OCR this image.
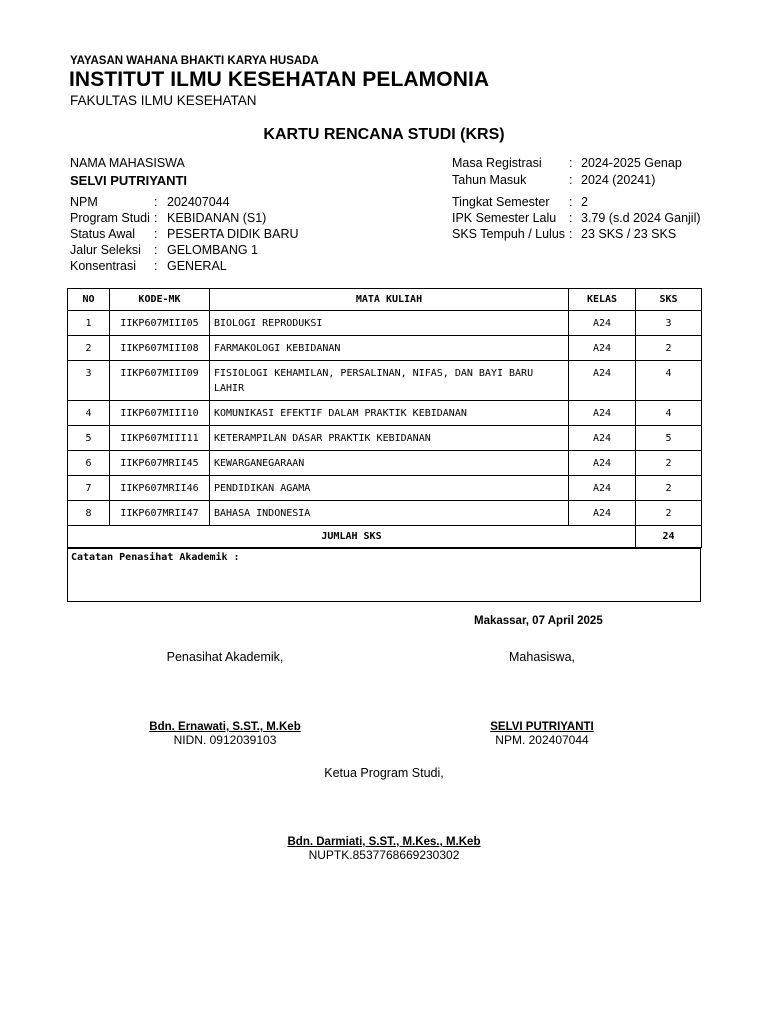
YAYASAN WAHANA BHAKTI KARYA HUSADA
INSTITUT ILMU KESEHATAN PELAMONIA
FAKULTAS ILMU KESEHATAN
KARTU RENCANA STUDI (KRS)
NAMA MAHASISWA
SELVI PUTRIYANTI
NPM	: 202407044
Program Studi : KEBIDANAN (S1)
Status Awal : PESERTA DIDIK BARU
Jalur Seleksi : GELOMBANG 1
Konsentrasi : GENERAL
Masa Registrasi : 2024-2025 Genap
Tahun Masuk	: 2024 (20241)
Tingkat Semester : 2
IPK Semester Lalu : 3.79 (s.d 2024 Ganjil)
SKS Tempuh / Lulus : 23 SKS / 23 SKS
NO	KODE-MK	MATA KULIAH	KELAS	SKS
1	IIKP607MIII05	BIOLOGI REPRODUKSI	A24	3
2	IIKP607MIII08	FARMAKOLOGI KEBIDANAN	A24	2
3	IIKP607MIII09	FISIOLOGI KEHAMILAN, PERSALINAN, NIFAS, DAN BAYI BARU LAHIR	A24	4
4	IIKP607MIII10	KOMUNIKASI EFEKTIF DALAM PRAKTIK KEBIDANAN	A24	4
5	IIKP607MIII11	KETERAMPILAN DASAR PRAKTIK KEBIDANAN	A24	5
6	IIKP607MRII45	KEWARGANEGARAAN	A24	2
7	IIKP607MRII46	PENDIDIKAN AGAMA	A24	2
8	IIKP607MRII47	BAHASA INDONESIA	A24	2
JUMLAH SKS				24
Catatan Penasihat Akademik :
Makassar, 07 April 2025
Penasihat Akademik,
Bdn. Ernawati, S.ST., M.Keb
NIDN. 0912039103
Mahasiswa,
SELVI PUTRIYANTI
NPM. 202407044
Ketua Program Studi,
Bdn. Darmiati, S.ST., M.Kes., M.Keb
NUPTK.8537768669230302
